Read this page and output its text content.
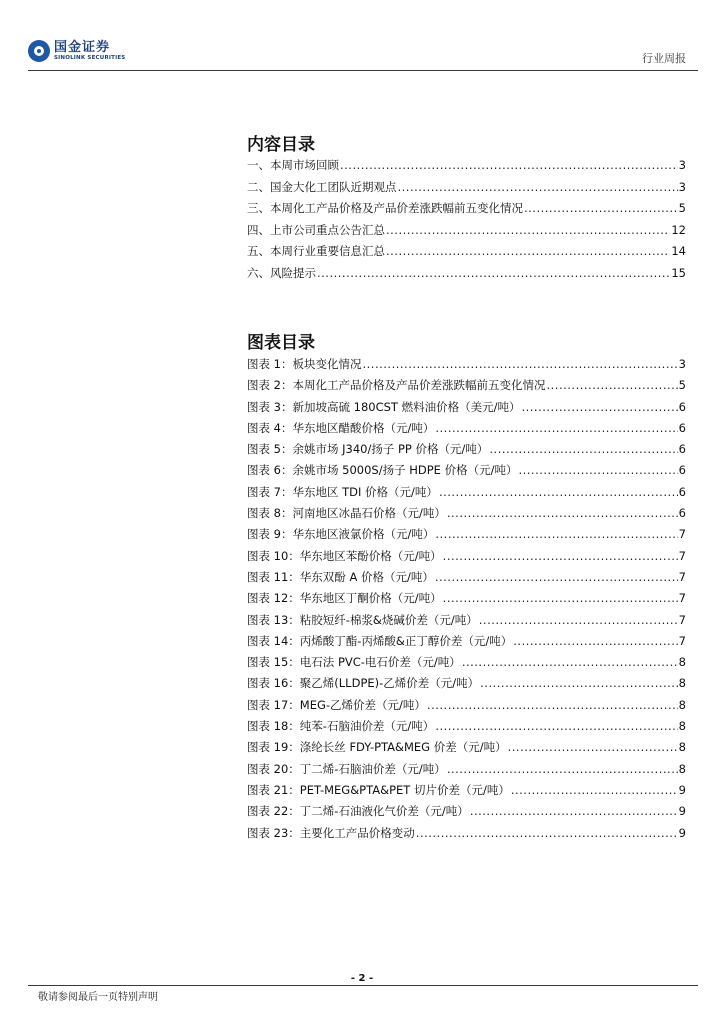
国金证券
SINOLINK SECURITIES	行业周报
内容目录
一、本周市场回顾 .....	3
二、国金大化工团队近期观点 .....	3
三、本周化工产品价格及产品价差涨跌幅前五变化情况 .....	5
四、上市公司重点公告汇总 .....	12
五、本周行业重要信息汇总 .....	14
六、风险提示 .....	15
图表目录
图表 1：板块变化情况 .....	3
图表 2：本周化工产品价格及产品价差涨跌幅前五变化情况 .....	5
图表 3：新加坡高硫 180CST 燃料油价格（美元/吨） .....	6
图表 4：华东地区醋酸价格（元/吨） .....	6
图表 5：余姚市场 J340/扬子 PP 价格（元/吨） .....	6
图表 6：余姚市场 5000S/扬子 HDPE 价格（元/吨） .....	6
图表 7：华东地区 TDI 价格（元/吨） .....	6
图表 8：河南地区冰晶石价格（元/吨） .....	6
图表 9：华东地区液氯价格（元/吨） .....	7
图表 10：华东地区苯酚价格（元/吨） .....	7
图表 11：华东双酚 A 价格（元/吨） .....	7
图表 12：华东地区丁酮价格（元/吨） .....	7
图表 13：粘胶短纤-棉浆&烧碱价差（元/吨） .....	7
图表 14：丙烯酸丁酯-丙烯酸&正丁醇价差（元/吨） .....	7
图表 15：电石法 PVC-电石价差（元/吨） .....	8
图表 16：聚乙烯(LLDPE)-乙烯价差（元/吨） .....	8
图表 17：MEG-乙烯价差（元/吨） .....	8
图表 18：纯苯-石脑油价差（元/吨） .....	8
图表 19：涤纶长丝 FDY-PTA&MEG 价差（元/吨） .....	8
图表 20：丁二烯-石脑油价差（元/吨） .....	8
图表 21：PET-MEG&PTA&PET 切片价差（元/吨） .....	9
图表 22：丁二烯-石油液化气价差（元/吨） .....	9
图表 23：主要化工产品价格变动 .....	9
- 2 -
敬请参阅最后一页特别声明
